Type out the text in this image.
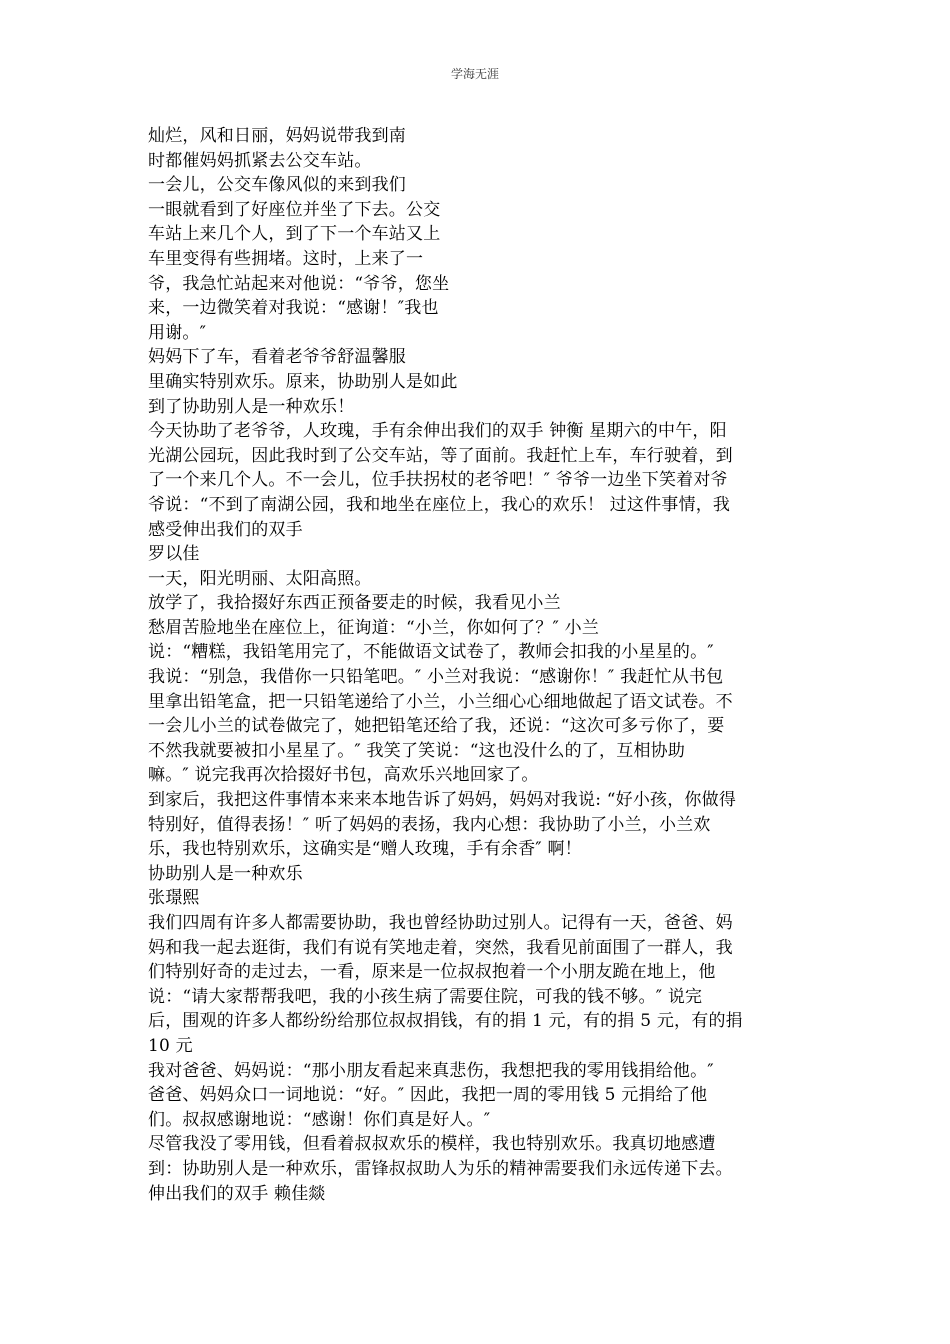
学海无涯
灿烂，风和日丽，妈妈说带我到南
时都催妈妈抓紧去公交车站。
一会儿，公交车像风似的来到我们
一眼就看到了好座位并坐了下去。公交
车站上来几个人，到了下一个车站又上
车里变得有些拥堵。这时，上来了一
爷，我急忙站起来对他说：“爷爷，您坐
来，一边微笑着对我说：“感谢！″我也
用谢。″
妈妈下了车，看着老爷爷舒温馨服
里确实特别欢乐。原来，协助别人是如此
到了协助别人是一种欢乐！
今天协助了老爷爷，人玫瑰，手有余伸出我们的双手 钟衡 星期六的中午，阳
光湖公园玩，因此我时到了公交车站，等了面前。我赶忙上车，车行驶着，到
了一个来几个人。不一会儿，位手扶拐杖的老爷吧！″ 爷爷一边坐下笑着对爷
爷说：“不到了南湖公园，我和地坐在座位上，我心的欢乐！ 过这件事情，我
感受伸出我们的双手
罗以佳
一天，阳光明丽、太阳高照。
放学了，我拾掇好东西正预备要走的时候，我看见小兰
愁眉苦脸地坐在座位上，征询道：“小兰，你如何了？″ 小兰
说：“糟糕，我铅笔用完了，不能做语文试卷了，教师会扣我的小星星的。″
我说：“别急，我借你一只铅笔吧。″ 小兰对我说：“感谢你！″ 我赶忙从书包
里拿出铅笔盒，把一只铅笔递给了小兰，小兰细心心细地做起了语文试卷。不
一会儿小兰的试卷做完了，她把铅笔还给了我，还说：“这次可多亏你了，要
不然我就要被扣小星星了。″ 我笑了笑说：“这也没什么的了，互相协助
嘛。″ 说完我再次拾掇好书包，高欢乐兴地回家了。
到家后，我把这件事情本来来本地告诉了妈妈，妈妈对我说: “好小孩，你做得
特别好，值得表扬！″ 听了妈妈的表扬，我内心想：我协助了小兰，小兰欢
乐，我也特别欢乐，这确实是“赠人玫瑰，手有余香″ 啊！
协助别人是一种欢乐
张璟熙
我们四周有许多人都需要协助，我也曾经协助过别人。记得有一天，爸爸、妈
妈和我一起去逛街，我们有说有笑地走着，突然，我看见前面围了一群人，我
们特别好奇的走过去，一看，原来是一位叔叔抱着一个小朋友跪在地上，他
说：“请大家帮帮我吧，我的小孩生病了需要住院，可我的钱不够。″ 说完
后，围观的许多人都纷纷给那位叔叔捐钱，有的捐 1 元，有的捐 5 元，有的捐
10 元
我对爸爸、妈妈说：“那小朋友看起来真悲伤，我想把我的零用钱捐给他。″
爸爸、妈妈众口一词地说：“好。″ 因此，我把一周的零用钱 5 元捐给了他
们。叔叔感谢地说：“感谢！你们真是好人。″
尽管我没了零用钱，但看着叔叔欢乐的模样，我也特别欢乐。我真切地感遭
到：协助别人是一种欢乐，雷锋叔叔助人为乐的精神需要我们永远传递下去。
伸出我们的双手 赖佳燚
